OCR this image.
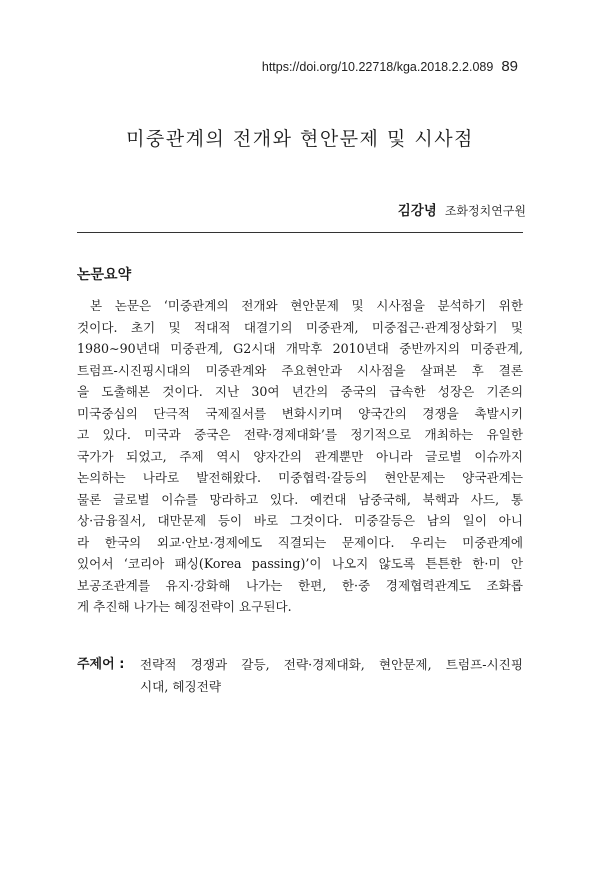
https://doi.org/10.22718/kga.2018.2.2.089 89
미중관계의 전개와 현안문제 및 시사점
김강녕 조화정치연구원
논문요약
본 논문은 ‘미중관계의 전개와 현안문제 및 시사점을 분석하기 위한
것이다. 초기 및 적대적 대결기의 미중관계, 미중접근·관계정상화기 및
1980∼90년대 미중관계, G2시대 개막후 2010년대 중반까지의 미중관계,
트럼프-시진핑시대의 미중관계와 주요현안과 시사점을 살펴본 후 결론
을 도출해본 것이다. 지난 30여 년간의 중국의 급속한 성장은 기존의
미국중심의 단극적 국제질서를 변화시키며 양국간의 경쟁을 촉발시키
고 있다. 미국과 중국은 전략·경제대화’를 정기적으로 개최하는 유일한
국가가 되었고, 주제 역시 양자간의 관계뿐만 아니라 글로벌 이슈까지
논의하는 나라로 발전해왔다. 미중협력·갈등의 현안문제는 양국관계는
물론 글로벌 이슈를 망라하고 있다. 예컨대 남중국해, 북핵과 사드, 통
상·금융질서, 대만문제 등이 바로 그것이다. 미중갈등은 남의 일이 아니
라 한국의 외교·안보·경제에도 직결되는 문제이다. 우리는 미중관계에
있어서 ‘코리아 패싱(Korea passing)’이 나오지 않도록 튼튼한 한·미 안
보공조관계를 유지·강화해 나가는 한편, 한·중 경제협력관계도 조화롭
게 추진해 나가는 혜징전략이 요구된다.
주제어 : 전략적 경쟁과 갈등, 전략·경제대화, 현안문제, 트럼프-시진핑
시대, 헤징전략
